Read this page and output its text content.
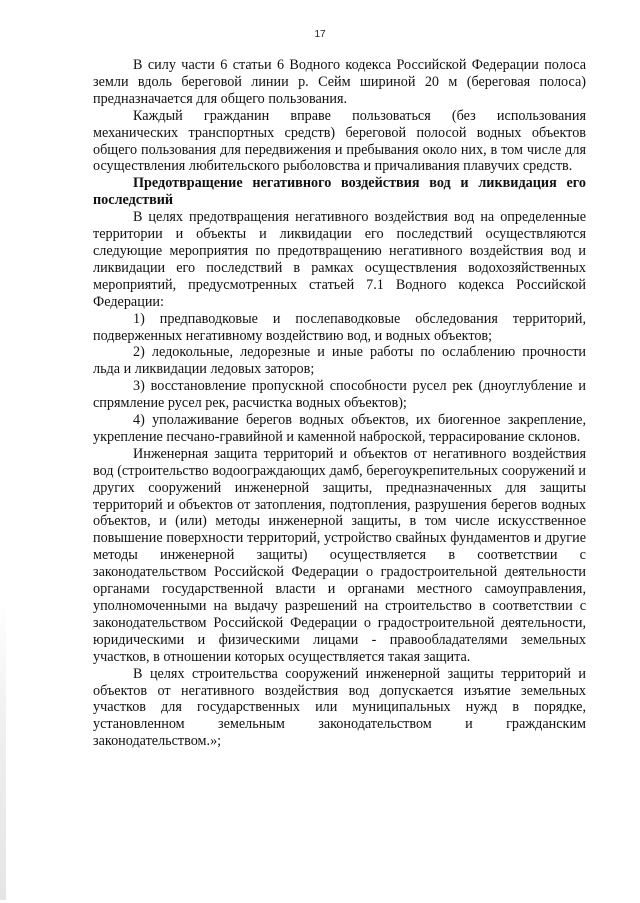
17

В силу части 6 статьи 6 Водного кодекса Российской Федерации полоса земли вдоль береговой линии р. Сейм шириной 20 м (береговая полоса) предназначается для общего пользования.

Каждый гражданин вправе пользоваться (без использования механических транспортных средств) береговой полосой водных объектов общего пользования для передвижения и пребывания около них, в том числе для осуществления любительского рыболовства и причаливания плавучих средств.

Предотвращение негативного воздействия вод и ликвидация его последствий

В целях предотвращения негативного воздействия вод на определенные территории и объекты и ликвидации его последствий осуществляются следующие мероприятия по предотвращению негативного воздействия вод и ликвидации его последствий в рамках осуществления водохозяйственных мероприятий, предусмотренных статьей 7.1 Водного кодекса Российской Федерации:

1) предпаводковые и послепаводковые обследования территорий, подверженных негативному воздействию вод, и водных объектов;

2) ледокольные, ледорезные и иные работы по ослаблению прочности льда и ликвидации ледовых заторов;

3) восстановление пропускной способности русел рек (дноуглубление и спрямление русел рек, расчистка водных объектов);

4) уполаживание берегов водных объектов, их биогенное закрепление, укрепление песчано-гравийной и каменной наброской, террасирование склонов.

Инженерная защита территорий и объектов от негативного воздействия вод (строительство водоограждающих дамб, берегоукрепительных сооружений и других сооружений инженерной защиты, предназначенных для защиты территорий и объектов от затопления, подтопления, разрушения берегов водных объектов, и (или) методы инженерной защиты, в том числе искусственное повышение поверхности территорий, устройство свайных фундаментов и другие методы инженерной защиты) осуществляется в соответствии с законодательством Российской Федерации о градостроительной деятельности органами государственной власти и органами местного самоуправления, уполномоченными на выдачу разрешений на строительство в соответствии с законодательством Российской Федерации о градостроительной деятельности, юридическими и физическими лицами - правообладателями земельных участков, в отношении которых осуществляется такая защита.

В целях строительства сооружений инженерной защиты территорий и объектов от негативного воздействия вод допускается изъятие земельных участков для государственных или муниципальных нужд в порядке, установленном земельным законодательством и гражданским законодательством.»;
